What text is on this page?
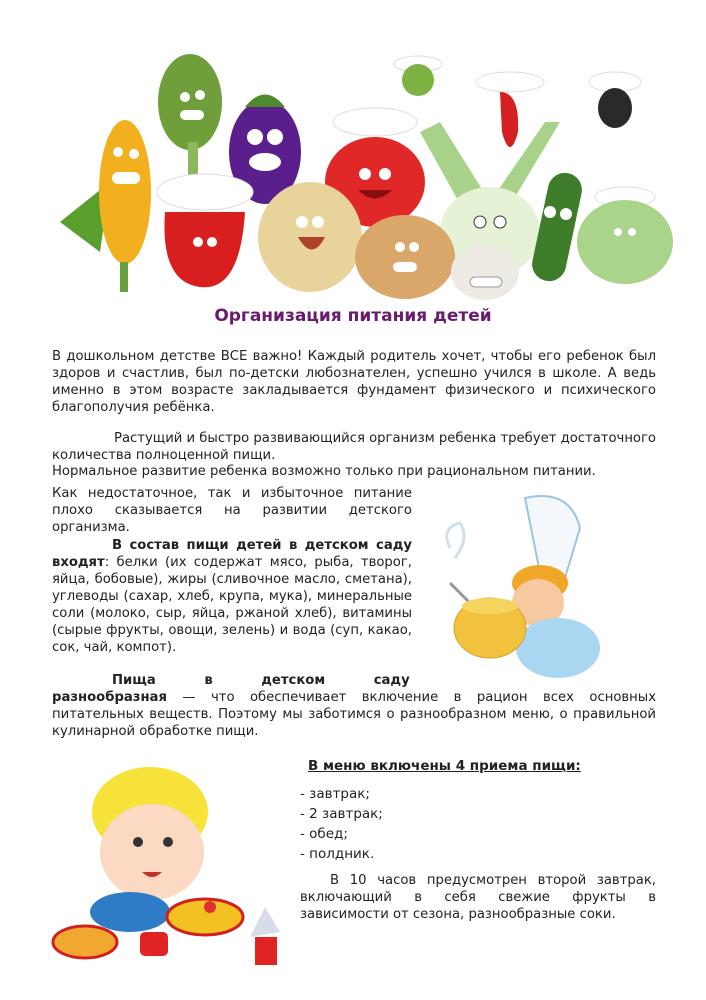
Организация питания детей
В дошкольном детстве ВСЕ важно! Каждый родитель хочет, чтобы его ребенок был здоров и счастлив, был по-детски любознателен, успешно учился в школе. А ведь именно в этом возрасте закладывается фундамент физического и психического благополучия ребёнка.
Растущий и быстро развивающийся организм ребенка требует достаточного количества полноценной пищи.
Нормальное развитие ребенка возможно только при рациональном питании.
Как недостаточное, так и избыточное питание плохо сказывается на развитии детского организма.
В состав пищи детей в детском саду входят: белки (их содержат мясо, рыба, творог, яйца, бобовые), жиры (сливочное масло, сметана), углеводы (сахар, хлеб, крупа, мука), минеральные соли (молоко, сыр, яйца, ржаной хлеб), витамины (сырые фрукты, овощи, зелень) и вода (суп, какао, сок, чай, компот).
Пища в детском саду
разнообразная — что обеспечивает включение в рацион всех основных питательных веществ. Поэтому мы заботимся о разнообразном меню, о правильной кулинарной обработке пищи.
В меню включены 4 приема пищи:
- завтрак;
- 2 завтрак;
- обед;
- полдник.
В 10 часов предусмотрен второй завтрак, включающий в себя свежие фрукты в зависимости от сезона, разнообразные соки.
